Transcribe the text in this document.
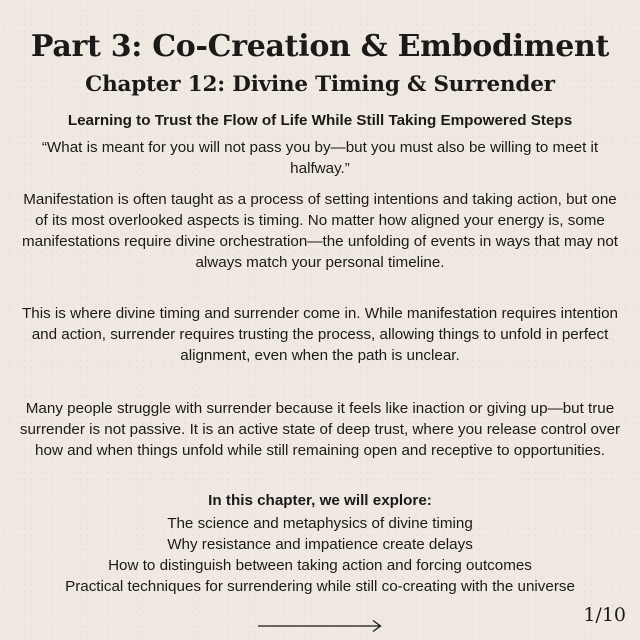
Part 3: Co-Creation & Embodiment
Chapter 12: Divine Timing & Surrender
Learning to Trust the Flow of Life While Still Taking Empowered Steps

“What is meant for you will not pass you by—but you must also be willing to meet it halfway.”

Manifestation is often taught as a process of setting intentions and taking action, but one of its most overlooked aspects is timing. No matter how aligned your energy is, some manifestations require divine orchestration—the unfolding of events in ways that may not always match your personal timeline.

This is where divine timing and surrender come in. While manifestation requires intention and action, surrender requires trusting the process, allowing things to unfold in perfect alignment, even when the path is unclear.

Many people struggle with surrender because it feels like inaction or giving up—but true surrender is not passive. It is an active state of deep trust, where you release control over how and when things unfold while still remaining open and receptive to opportunities.

In this chapter, we will explore:
The science and metaphysics of divine timing
Why resistance and impatience create delays
How to distinguish between taking action and forcing outcomes
Practical techniques for surrendering while still co-creating with the universe
1/10
